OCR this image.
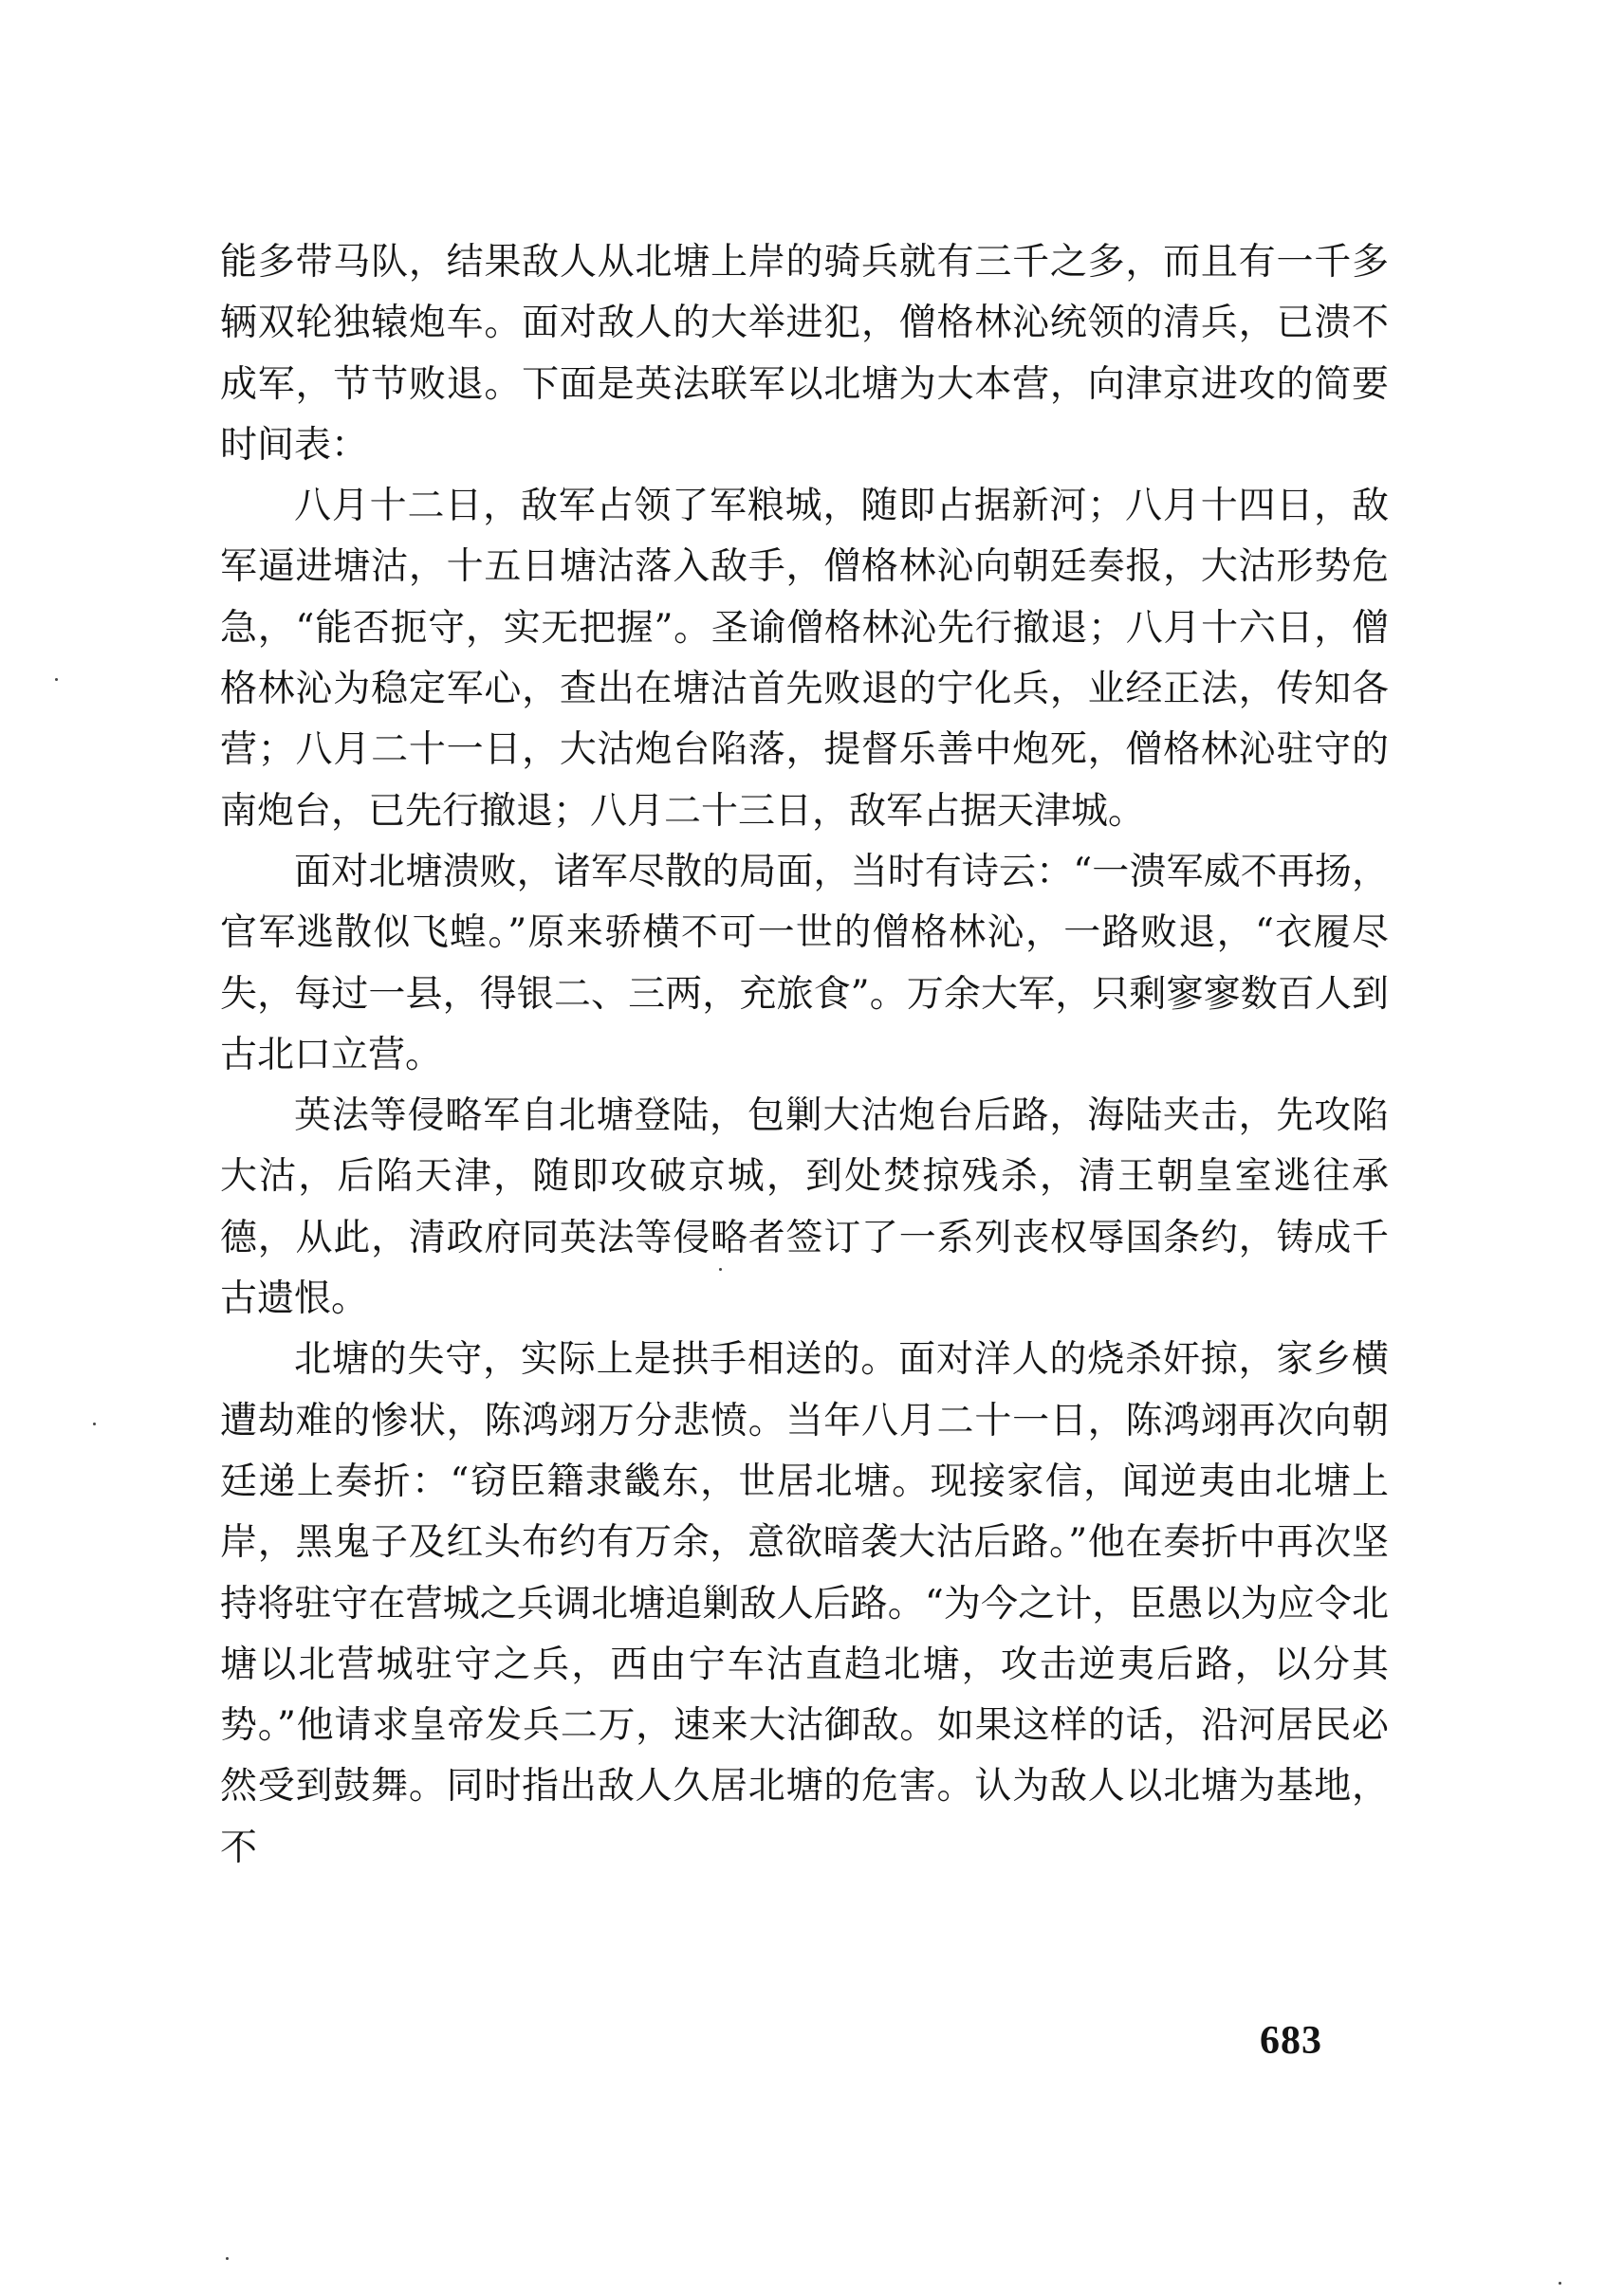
能多带马队，结果敌人从北塘上岸的骑兵就有三千之多，而且有一千多辆双轮独辕炮车。面对敌人的大举进犯，僧格林沁统领的清兵，已溃不成军，节节败退。下面是英法联军以北塘为大本营，向津京进攻的简要时间表：

八月十二日，敌军占领了军粮城，随即占据新河；八月十四日，敌军逼进塘沽，十五日塘沽落入敌手，僧格林沁向朝廷奏报，大沽形势危急，“能否扼守，实无把握”。圣谕僧格林沁先行撤退；八月十六日，僧格林沁为稳定军心，查出在塘沽首先败退的宁化兵，业经正法，传知各营；八月二十一日，大沽炮台陷落，提督乐善中炮死，僧格林沁驻守的南炮台，已先行撤退；八月二十三日，敌军占据天津城。

面对北塘溃败，诸军尽散的局面，当时有诗云：“一溃军威不再扬，官军逃散似飞蝗。”原来骄横不可一世的僧格林沁，一路败退，“衣履尽失，每过一县，得银二、三两，充旅食”。万余大军，只剩寥寥数百人到古北口立营。

英法等侵略军自北塘登陆，包剿大沽炮台后路，海陆夹击，先攻陷大沽，后陷天津，随即攻破京城，到处焚掠残杀，清王朝皇室逃往承德，从此，清政府同英法等侵略者签订了一系列丧权辱国条约，铸成千古遗恨。

北塘的失守，实际上是拱手相送的。面对洋人的烧杀奸掠，家乡横遭劫难的惨状，陈鸿翊万分悲愤。当年八月二十一日，陈鸿翊再次向朝廷递上奏折：“窃臣籍隶畿东，世居北塘。现接家信，闻逆夷由北塘上岸，黑鬼子及红头布约有万余，意欲暗袭大沽后路。”他在奏折中再次坚持将驻守在营城之兵调北塘追剿敌人后路。“为今之计，臣愚以为应令北塘以北营城驻守之兵，西由宁车沽直趋北塘，攻击逆夷后路，以分其势。”他请求皇帝发兵二万，速来大沽御敌。如果这样的话，沿河居民必然受到鼓舞。同时指出敌人久居北塘的危害。认为敌人以北塘为基地，不

683
